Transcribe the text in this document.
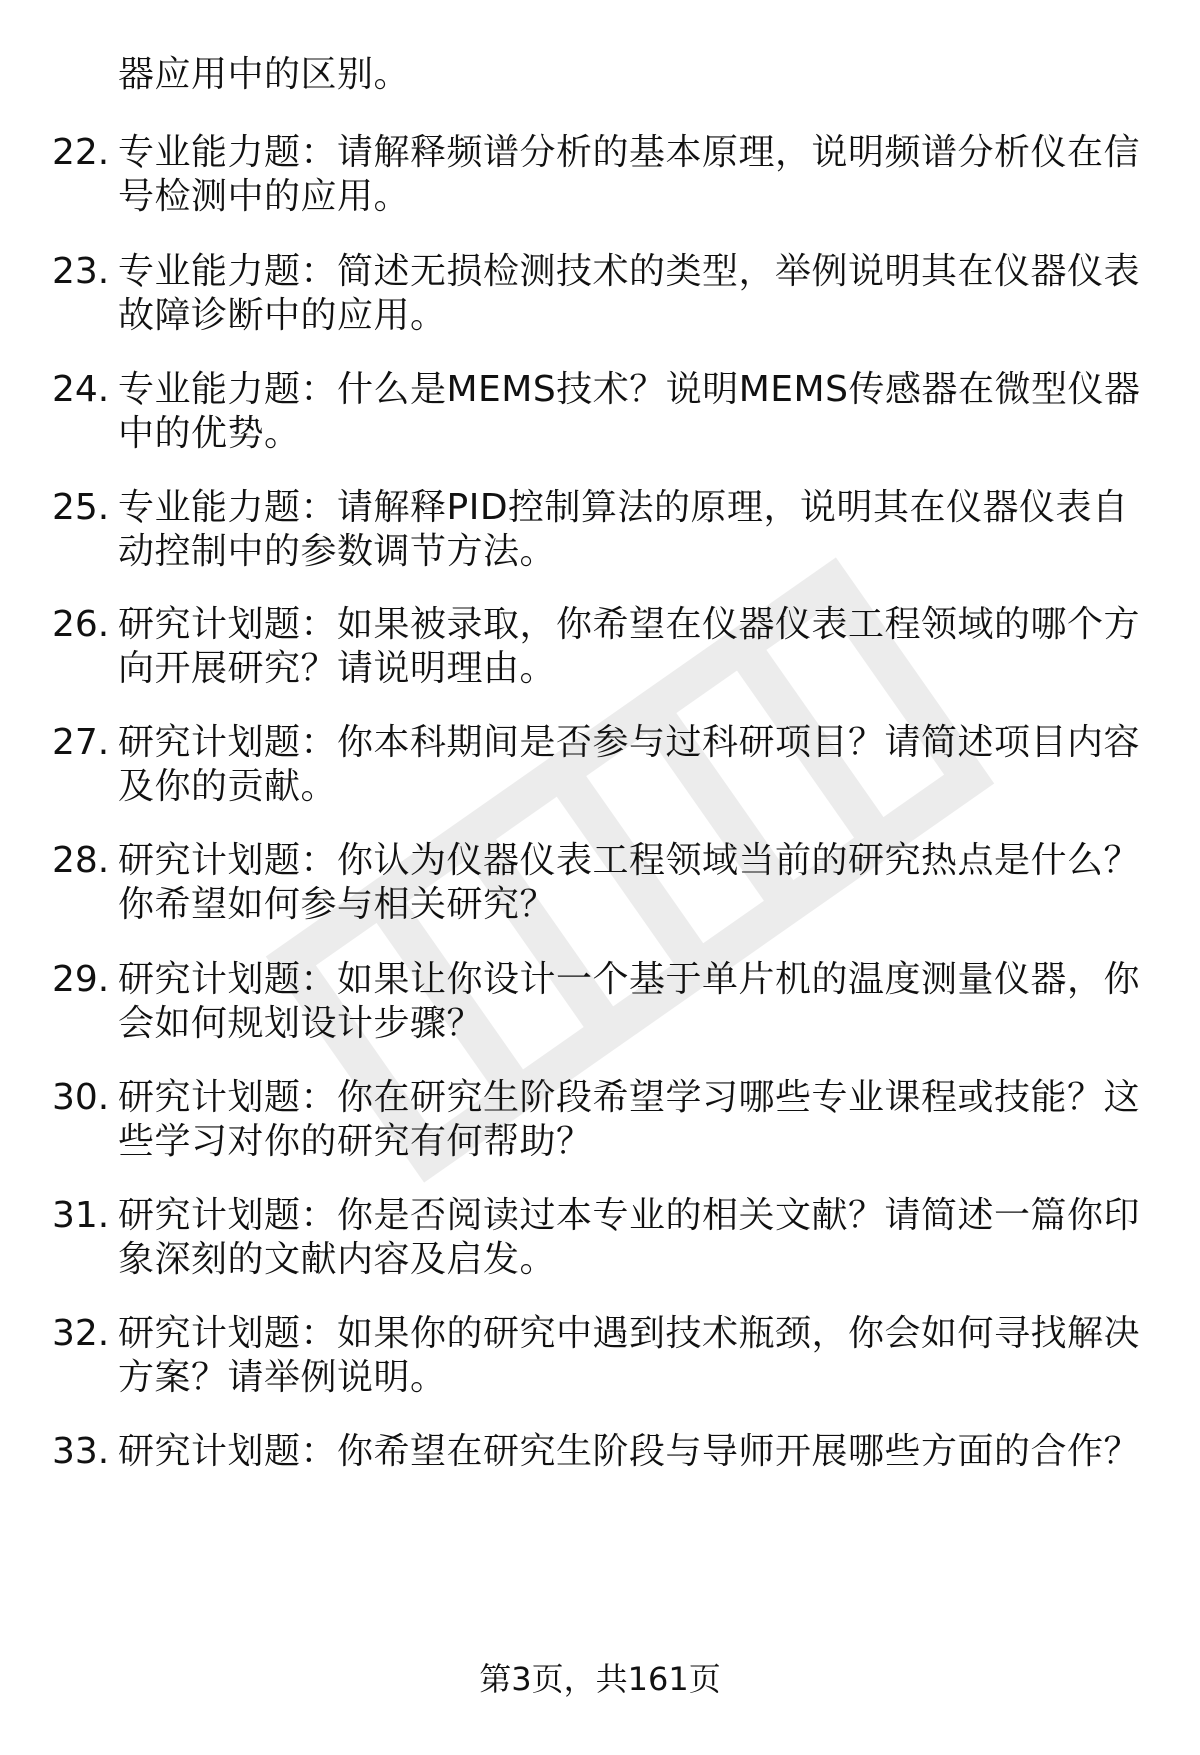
器应用中的区别。
22. 专业能力题：请解释频谱分析的基本原理，说明频谱分析仪在信
号检测中的应用。
23. 专业能力题：简述无损检测技术的类型，举例说明其在仪器仪表
故障诊断中的应用。
24. 专业能力题：什么是MEMS技术？说明MEMS传感器在微型仪器
中的优势。
25. 专业能力题：请解释PID控制算法的原理，说明其在仪器仪表自
动控制中的参数调节方法。
26. 研究计划题：如果被录取，你希望在仪器仪表工程领域的哪个方
向开展研究？请说明理由。
27. 研究计划题：你本科期间是否参与过科研项目？请简述项目内容
及你的贡献。
28. 研究计划题：你认为仪器仪表工程领域当前的研究热点是什么？
你希望如何参与相关研究？
29. 研究计划题：如果让你设计一个基于单片机的温度测量仪器，你
会如何规划设计步骤？
30. 研究计划题：你在研究生阶段希望学习哪些专业课程或技能？这
些学习对你的研究有何帮助？
31. 研究计划题：你是否阅读过本专业的相关文献？请简述一篇你印
象深刻的文献内容及启发。
32. 研究计划题：如果你的研究中遇到技术瓶颈，你会如何寻找解决
方案？请举例说明。
33. 研究计划题：你希望在研究生阶段与导师开展哪些方面的合作？
第3页，共161页
